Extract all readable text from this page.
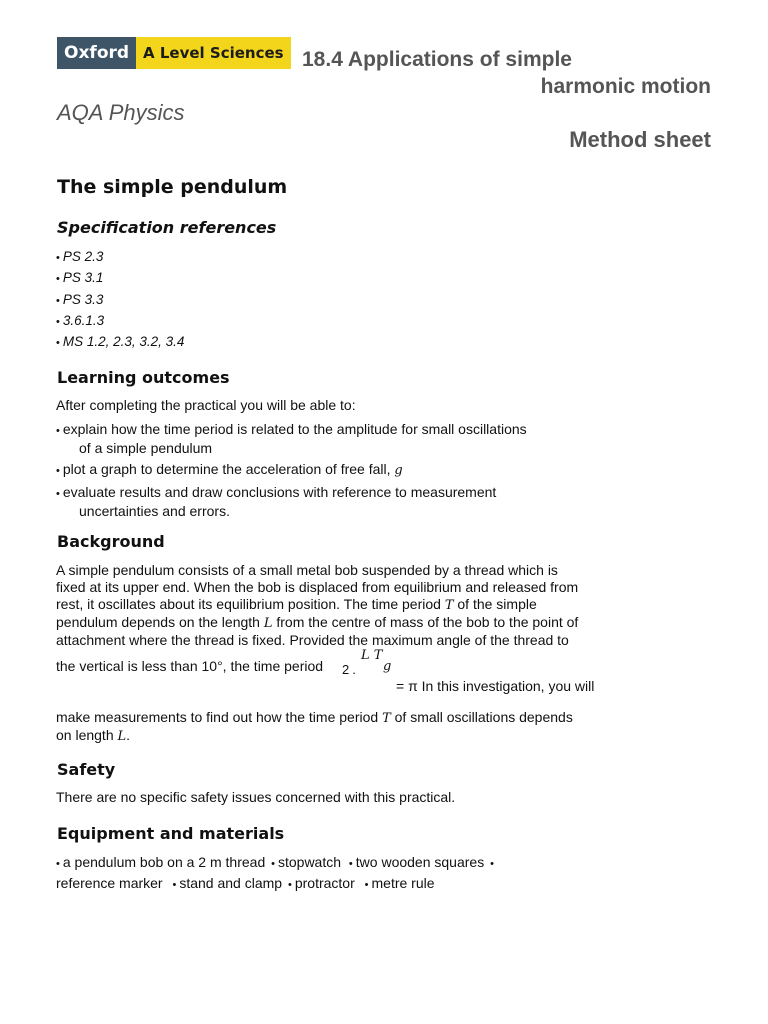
Oxford A Level Sciences 18.4 Applications of simple
harmonic motion
AQA Physics
Method sheet
The simple pendulum
Specification references
• PS 2.3
• PS 3.1
• PS 3.3
• 3.6.1.3
• MS 1.2, 2.3, 3.2, 3.4
Learning outcomes
After completing the practical you will be able to:
• explain how the time period is related to the amplitude for small oscillations
of a simple pendulum
• plot a graph to determine the acceleration of free fall, g
• evaluate results and draw conclusions with reference to measurement
uncertainties and errors.
Background
A simple pendulum consists of a small metal bob suspended by a thread which is
fixed at its upper end. When the bob is displaced from equilibrium and released from
rest, it oscillates about its equilibrium position. The time period T of the simple
pendulum depends on the length L from the centre of mass of the bob to the point of
attachment where the thread is fixed. Provided the maximum angle of the thread to
the vertical is less than 10°, the time period 2 .
L T
g
= π In this investigation, you will
make measurements to find out how the time period T of small oscillations depends
on length L.
Safety
There are no specific safety issues concerned with this practical.
Equipment and materials
• a pendulum bob on a 2 m thread • stopwatch • two wooden squares •
reference marker • stand and clamp • protractor • metre rule
